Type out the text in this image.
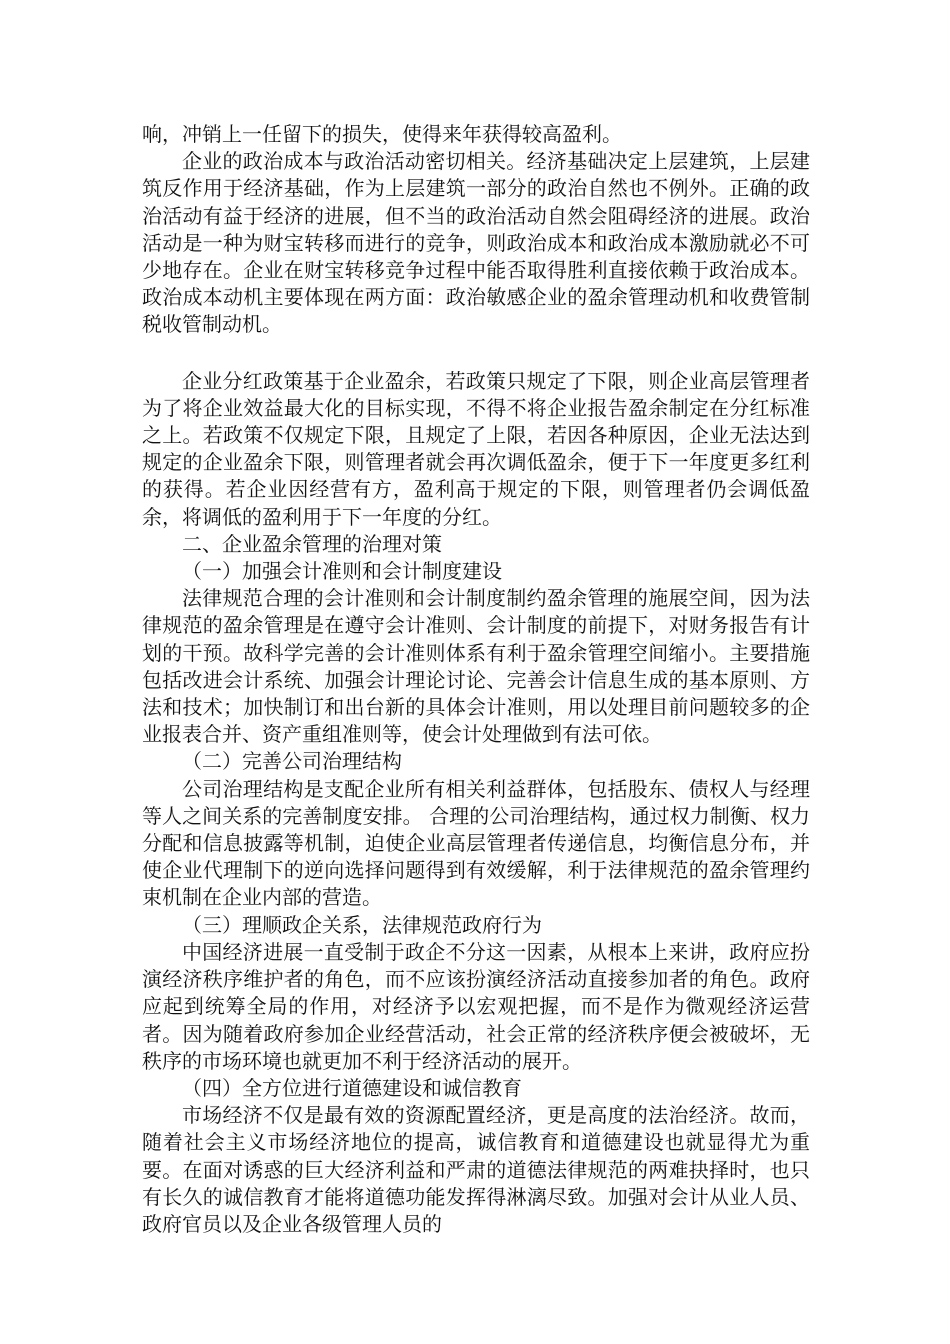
响，冲销上一任留下的损失，使得来年获得较高盈利。

企业的政治成本与政治活动密切相关。经济基础决定上层建筑，上层建筑反作用于经济基础，作为上层建筑一部分的政治自然也不例外。正确的政治活动有益于经济的进展，但不当的政治活动自然会阻碍经济的进展。政治活动是一种为财宝转移而进行的竞争，则政治成本和政治成本激励就必不可少地存在。企业在财宝转移竞争过程中能否取得胜利直接依赖于政治成本。政治成本动机主要体现在两方面：政治敏感企业的盈余管理动机和收费管制税收管制动机。

企业分红政策基于企业盈余，若政策只规定了下限，则企业高层管理者为了将企业效益最大化的目标实现，不得不将企业报告盈余制定在分红标准之上。若政策不仅规定下限，且规定了上限，若因各种原因，企业无法达到规定的企业盈余下限，则管理者就会再次调低盈余，便于下一年度更多红利的获得。若企业因经营有方，盈利高于规定的下限，则管理者仍会调低盈余，将调低的盈利用于下一年度的分红。

二、企业盈余管理的治理对策

（一）加强会计准则和会计制度建设

法律规范合理的会计准则和会计制度制约盈余管理的施展空间，因为法律规范的盈余管理是在遵守会计准则、会计制度的前提下，对财务报告有计划的干预。故科学完善的会计准则体系有利于盈余管理空间缩小。主要措施包括改进会计系统、加强会计理论讨论、完善会计信息生成的基本原则、方法和技术；加快制订和出台新的具体会计准则，用以处理目前问题较多的企业报表合并、资产重组准则等，使会计处理做到有法可依。

（二）完善公司治理结构

公司治理结构是支配企业所有相关利益群体，包括股东、债权人与经理等人之间关系的完善制度安排。 合理的公司治理结构，通过权力制衡、权力分配和信息披露等机制，迫使企业高层管理者传递信息，均衡信息分布，并使企业代理制下的逆向选择问题得到有效缓解，利于法律规范的盈余管理约束机制在企业内部的营造。

（三）理顺政企关系，法律规范政府行为

中国经济进展一直受制于政企不分这一因素，从根本上来讲，政府应扮演经济秩序维护者的角色，而不应该扮演经济活动直接参加者的角色。政府应起到统筹全局的作用，对经济予以宏观把握，而不是作为微观经济运营者。因为随着政府参加企业经营活动，社会正常的经济秩序便会被破坏，无秩序的市场环境也就更加不利于经济活动的展开。

（四）全方位进行道德建设和诚信教育

市场经济不仅是最有效的资源配置经济，更是高度的法治经济。故而，随着社会主义市场经济地位的提高，诚信教育和道德建设也就显得尤为重要。在面对诱惑的巨大经济利益和严肃的道德法律规范的两难抉择时，也只有长久的诚信教育才能将道德功能发挥得淋漓尽致。加强对会计从业人员、政府官员以及企业各级管理人员的
